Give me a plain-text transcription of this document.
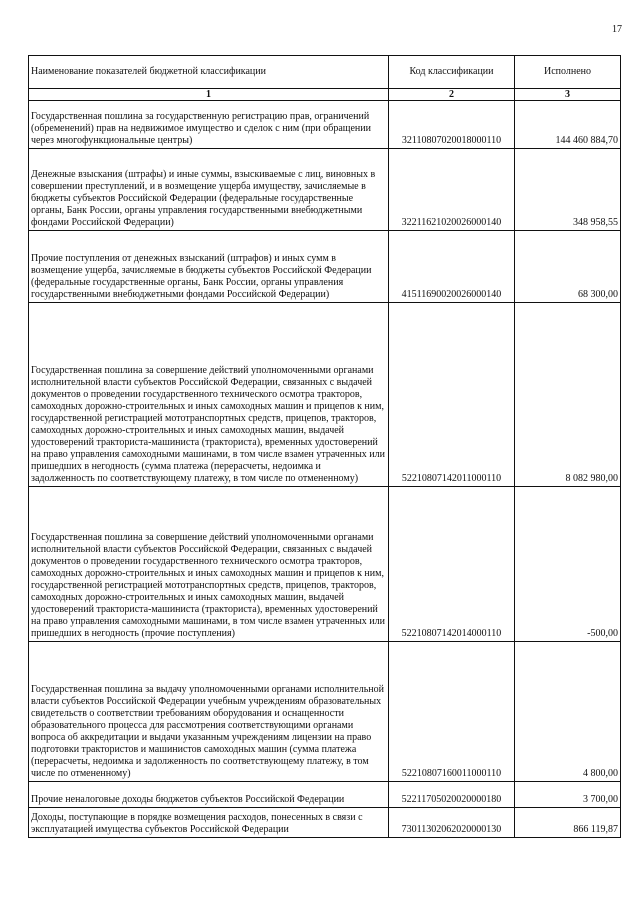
17
Наименование показателей бюджетной классификации	Код классификации	Исполнено
1	2	3
Государственная пошлина за государственную регистрацию прав, ограничений (обременений) прав на недвижимое имущество и сделок с ним (при обращении через многофункциональные центры)	32110807020018000110	144 460 884,70
Денежные взыскания (штрафы) и иные суммы, взыскиваемые с лиц, виновных в совершении преступлений, и в возмещение ущерба имуществу, зачисляемые в бюджеты субъектов Российской Федерации (федеральные государственные органы, Банк России, органы управления государственными внебюджетными фондами Российской Федерации)	32211621020026000140	348 958,55
Прочие поступления от денежных взысканий (штрафов) и иных сумм в возмещение ущерба, зачисляемые в бюджеты субъектов Российской Федерации (федеральные государственные органы, Банк России, органы управления государственными внебюджетными фондами Российской Федерации)	41511690020026000140	68 300,00
Государственная пошлина за совершение действий уполномоченными органами исполнительной власти субъектов Российской Федерации, связанных с выдачей документов о проведении государственного технического осмотра тракторов, самоходных дорожно-строительных и иных самоходных машин и прицепов к ним, государственной регистрацией мототранспортных средств, прицепов, тракторов, самоходных дорожно-строительных и иных самоходных машин, выдачей удостоверений тракториста-машиниста (тракториста), временных удостоверений на право управления самоходными машинами, в том числе взамен утраченных или пришедших в негодность (сумма платежа (перерасчеты, недоимка и задолженность по соответствующему платежу, в том числе по отмененному)	52210807142011000110	8 082 980,00
Государственная пошлина за совершение действий уполномоченными органами исполнительной власти субъектов Российской Федерации, связанных с выдачей документов о проведении государственного технического осмотра тракторов, самоходных дорожно-строительных и иных самоходных машин и прицепов к ним, государственной регистрацией мототранспортных средств, прицепов, тракторов, самоходных дорожно-строительных и иных самоходных машин, выдачей удостоверений тракториста-машиниста (тракториста), временных удостоверений на право управления самоходными машинами, в том числе взамен утраченных или пришедших в негодность (прочие поступления)	52210807142014000110	-500,00
Государственная пошлина за выдачу уполномоченными органами исполнительной власти субъектов Российской Федерации учебным учреждениям образовательных свидетельств о соответствии требованиям оборудования и оснащенности образовательного процесса для рассмотрения соответствующими органами вопроса об аккредитации и выдачи указанным учреждениям лицензии на право подготовки трактористов и машинистов самоходных машин (сумма платежа (перерасчеты, недоимка и задолженность по соответствующему платежу, в том числе по отмененному)	52210807160011000110	4 800,00
Прочие неналоговые доходы бюджетов субъектов Российской Федерации	52211705020020000180	3 700,00
Доходы, поступающие в порядке возмещения расходов, понесенных в связи с эксплуатацией имущества субъектов Российской Федерации	73011302062020000130	866 119,87
